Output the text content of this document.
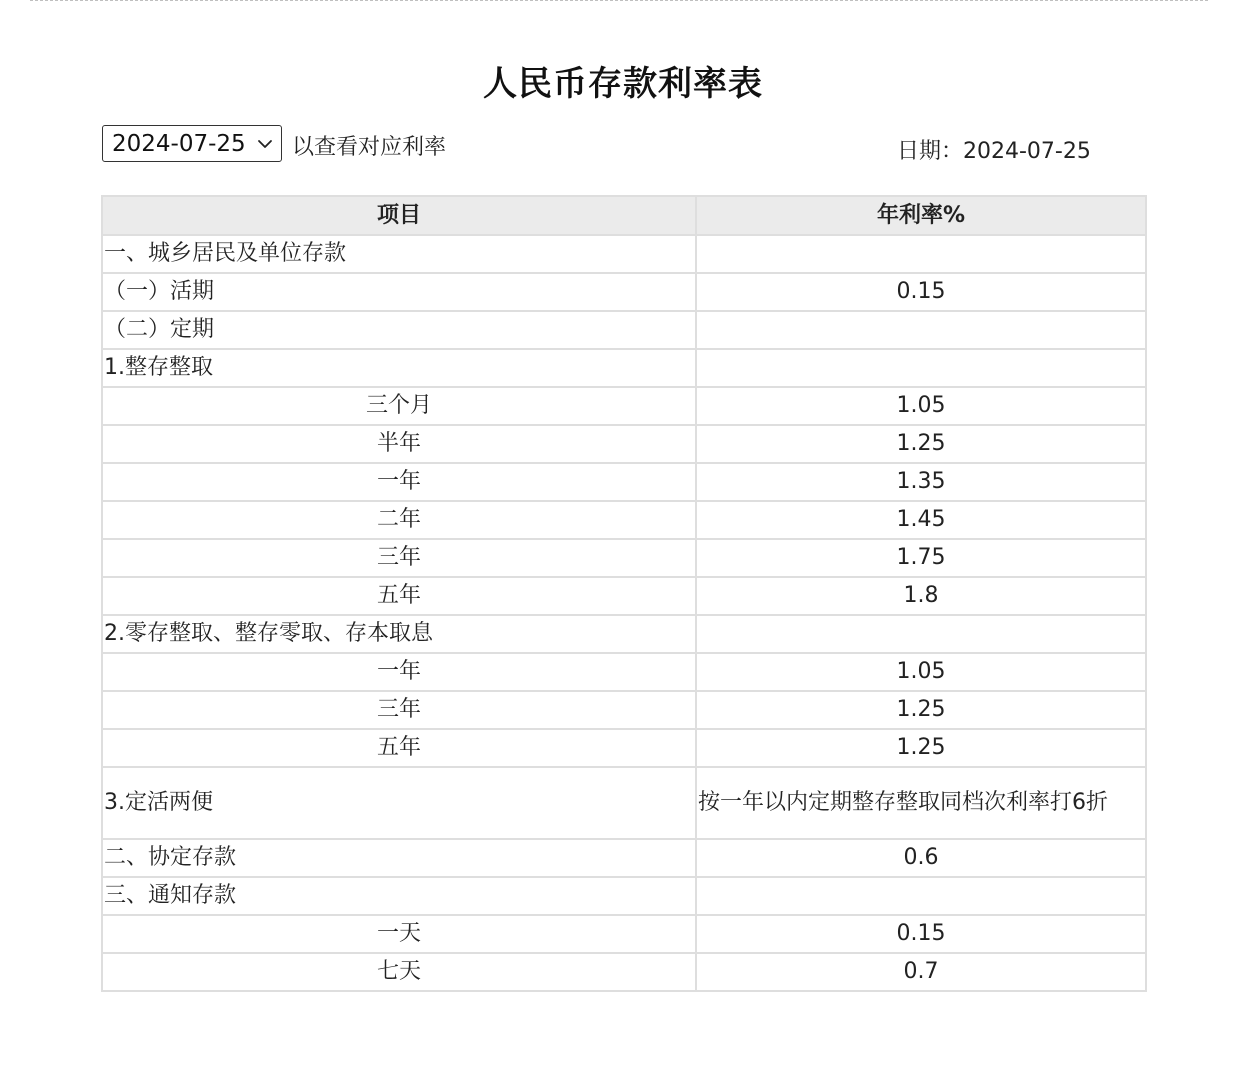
人民币存款利率表
2024-07-25	以查看对应利率	日期：2024-07-25
项目	年利率%
一、城乡居民及单位存款	
（一）活期	0.15
（二）定期	
1.整存整取	
三个月	1.05
半年	1.25
一年	1.35
二年	1.45
三年	1.75
五年	1.8
2.零存整取、整存零取、存本取息	
一年	1.05
三年	1.25
五年	1.25
3.定活两便	按一年以内定期整存整取同档次利率打6折
二、协定存款	0.6
三、通知存款	
一天	0.15
七天	0.7
